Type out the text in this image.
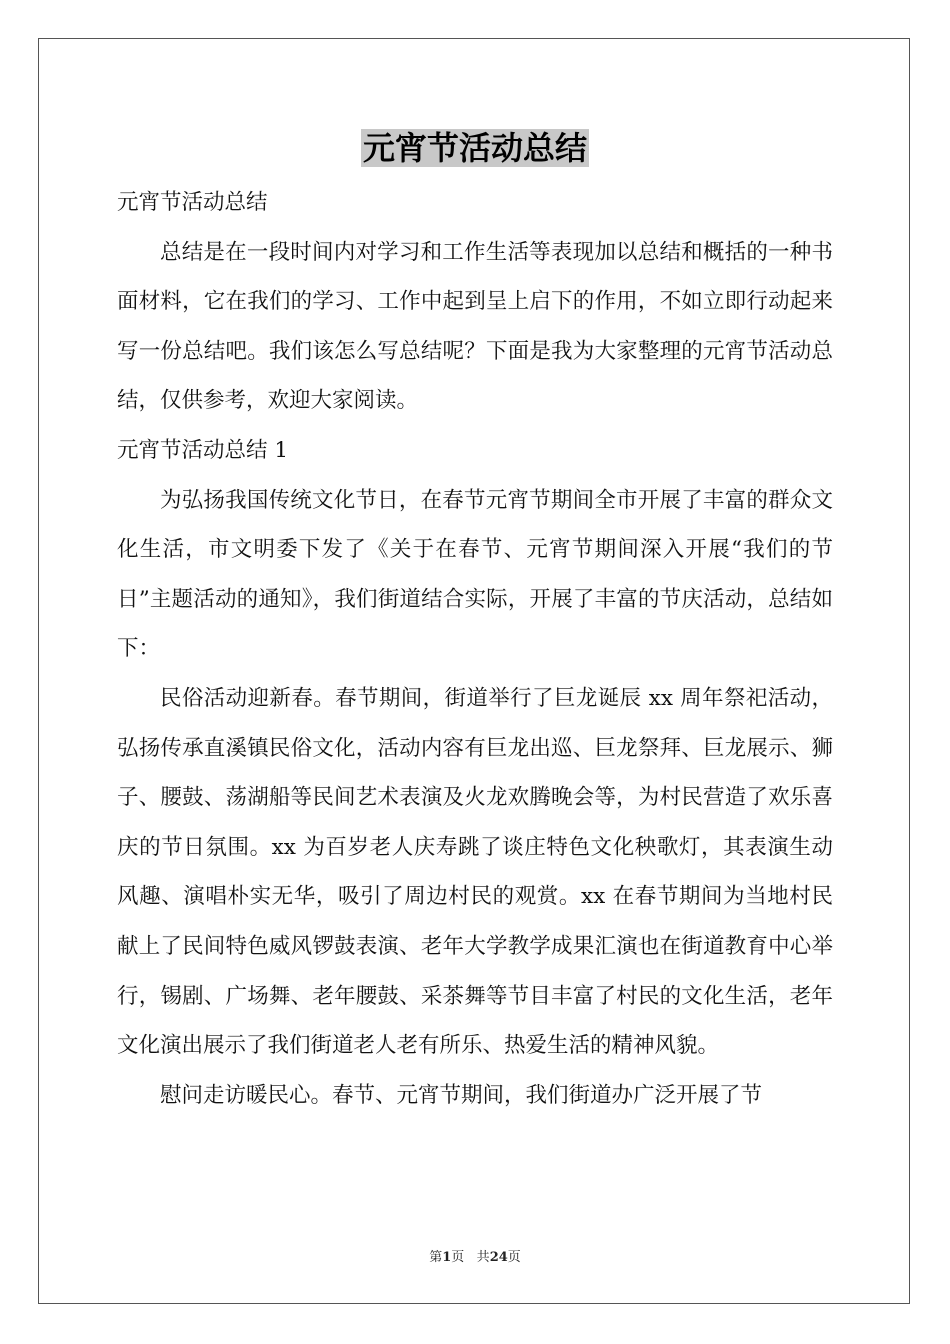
元宵节活动总结

元宵节活动总结

总结是在一段时间内对学习和工作生活等表现加以总结和概括的一种书面材料，它在我们的学习、工作中起到呈上启下的作用，不如立即行动起来写一份总结吧。我们该怎么写总结呢？下面是我为大家整理的元宵节活动总结，仅供参考，欢迎大家阅读。

元宵节活动总结 1

为弘扬我国传统文化节日，在春节元宵节期间全市开展了丰富的群众文化生活，市文明委下发了《关于在春节、元宵节期间深入开展“我们的节日”主题活动的通知》，我们街道结合实际，开展了丰富的节庆活动，总结如下：

民俗活动迎新春。春节期间，街道举行了巨龙诞辰 xx 周年祭祀活动，弘扬传承直溪镇民俗文化，活动内容有巨龙出巡、巨龙祭拜、巨龙展示、狮子、腰鼓、荡湖船等民间艺术表演及火龙欢腾晚会等，为村民营造了欢乐喜庆的节日氛围。xx 为百岁老人庆寿跳了谈庄特色文化秧歌灯，其表演生动风趣、演唱朴实无华，吸引了周边村民的观赏。xx 在春节期间为当地村民献上了民间特色威风锣鼓表演、老年大学教学成果汇演也在街道教育中心举行，锡剧、广场舞、老年腰鼓、采茶舞等节目丰富了村民的文化生活，老年文化演出展示了我们街道老人老有所乐、热爱生活的精神风貌。

慰问走访暖民心。春节、元宵节期间，我们街道办广泛开展了节

第1页 共24页
